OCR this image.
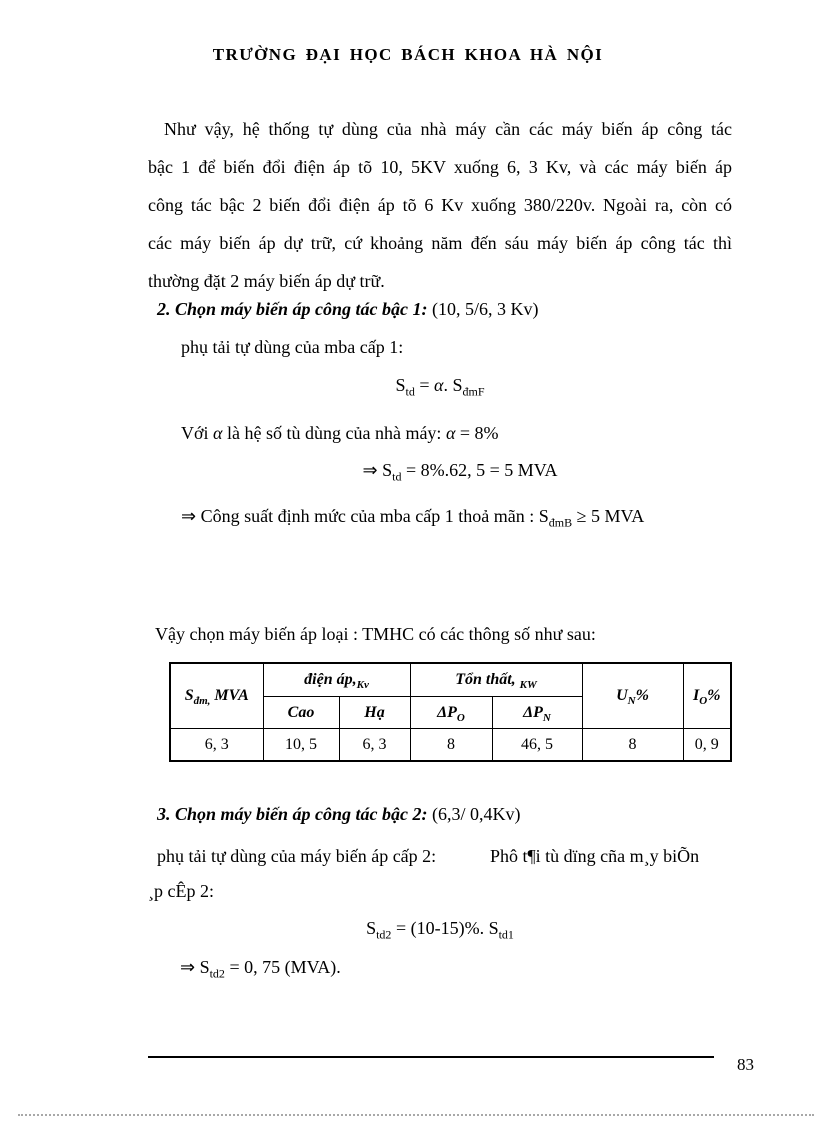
TRƯỜNG ĐẠI HỌC BÁCH KHOA HÀ NỘI
Như vậy, hệ thống tự dùng của nhà máy cần các máy biến áp công tác
bậc 1 để biến đổi điện áp tõ 10, 5KV xuống 6, 3 Kv, và các máy biến áp
công tác bậc 2 biến đổi điện áp tõ 6 Kv xuống 380/220v. Ngoài ra, còn có
các máy biến áp dự trữ, cứ khoảng năm đến sáu máy biến áp công tác thì
thường đặt 2 máy biến áp dự trữ.
2. Chọn máy biến áp công tác bậc 1: (10, 5/6, 3 Kv)
phụ tải tự dùng của mba cấp 1:
$S_{td} = \alpha$. $S_{đmF}$
Với α là hệ số tù dùng của nhà máy: α = 8%
⇒ $S_{td} = 8\%.62$, 5 = 5 MVA
⇒ Công suất định mức của mba cấp 1 thoả mãn : $S_{đmB} \ge 5$ MVA
Vậy chọn máy biến áp loại : TMHC có các thông số như sau:
$S_{đm,}$ MVA	điện $áp,_{Kv}$		Tổn thất, $_{KW}$		$U_N\%$	$I_O\%$
	Cao	Hạ	$\Delta P_O$	$\Delta P_N$
6, 3	10, 5	6, 3	8	46, 5	8	0, 9
3. Chọn máy biến áp công tác bậc 2: (6,3/ 0,4Kv)
phụ tải tự dùng của máy biến áp cấp 2:	Phô t¶i tù dïng cña m¸y biÕn
¸p cÊp 2:
$S_{td2} = (10-15)\%$. $S_{td1}$
⇒ $S_{td2} = 0$, 75 (MVA).
83
